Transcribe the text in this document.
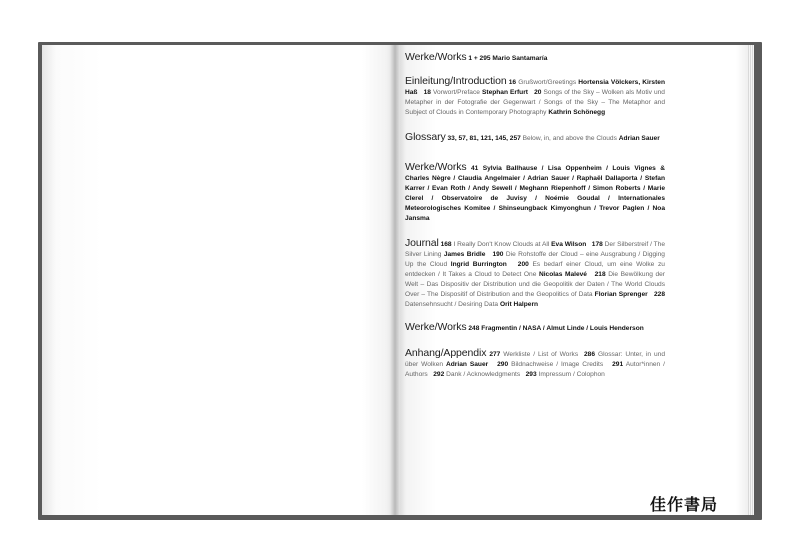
Werke/Works 1 + 295 Mario Santamaría

Einleitung/Introduction 16 Grußwort/Greetings Hortensia Völckers, Kirsten Haß 18 Vorwort/Preface Stephan Erfurt 20 Songs of the Sky – Wolken als Motiv und Metapher in der Fotografie der Gegenwart / Songs of the Sky – The Metaphor and Subject of Clouds in Contemporary Photography Kathrin Schönegg

Glossary 33, 57, 81, 121, 145, 257 Below, in, and above the Clouds Adrian Sauer

Werke/Works 41 Sylvia Ballhause / Lisa Oppenheim / Louis Vignes & Charles Nègre / Claudia Angelmaier / Adrian Sauer / Raphaël Dallaporta / Stefan Karrer / Evan Roth / Andy Sewell / Meghann Riepenhoff / Simon Roberts / Marie Clerel / Observatoire de Juvisy / Noémie Goudal / Internationales Meteorologisches Komitee / Shinseungback Kimyonghun / Trevor Paglen / Noa Jansma

Journal 168 I Really Don't Know Clouds at All Eva Wilson 178 Der Silberstreif / The Silver Lining James Bridle 190 Die Rohstoffe der Cloud – eine Ausgrabung / Digging Up the Cloud Ingrid Burrington 200 Es bedarf einer Cloud, um eine Wolke zu entdecken / It Takes a Cloud to Detect One Nicolas Malevé 218 Die Bewölkung der Welt – Das Dispositiv der Distribution und die Geopolitik der Daten / The World Clouds Over – The Dispositif of Distribution and the Geopolitics of Data Florian Sprenger 228 Datensehnsucht / Desiring Data Orit Halpern

Werke/Works 248 Fragmentin / NASA / Almut Linde / Louis Henderson

Anhang/Appendix 277 Werkliste / List of Works 286 Glossar: Unter, in und über Wolken Adrian Sauer 290 Bildnachweise / Image Credits 291 Autor*innen / Authors 292 Dank / Acknowledgments 293 Impressum / Colophon

佳作書局
